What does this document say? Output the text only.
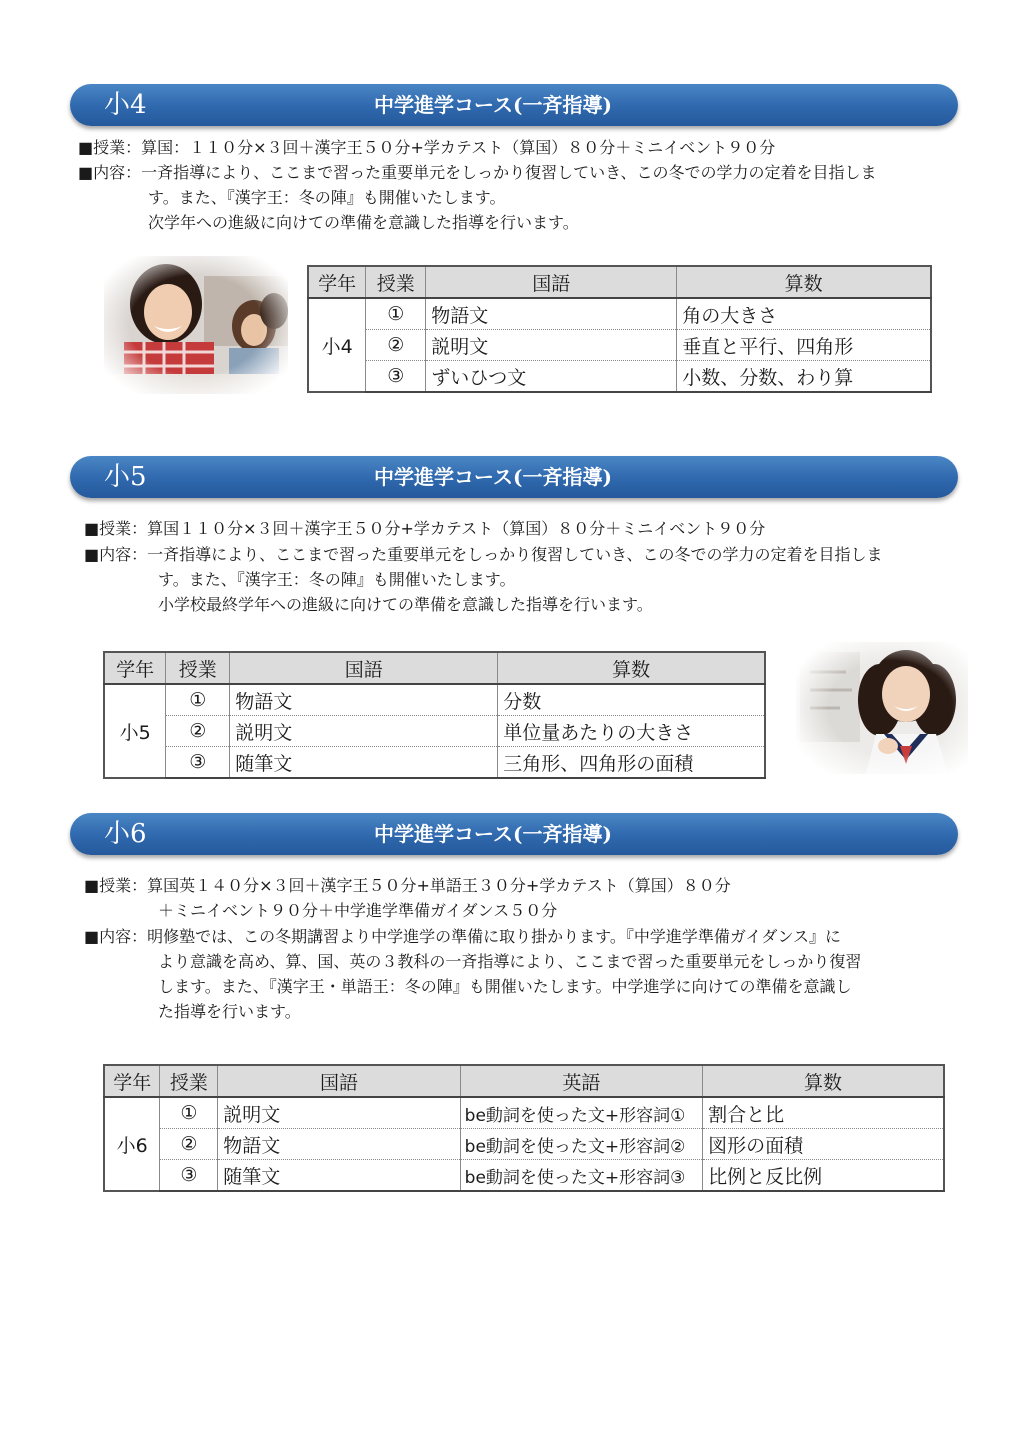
小4	中学進学コース(一斉指導)
■授業：算国：１１０分×３回＋漢字王５０分+学カテスト（算国）８０分＋ミニイベント９０分
■内容：一斉指導により、ここまで習った重要単元をしっかり復習していき、この冬での学力の定着を目指しま
す。また、『漢字王：冬の陣』も開催いたします。
次学年への進級に向けての準備を意識した指導を行います。
学年	授業	国語	算数
小4	①	物語文	角の大きさ
	②	説明文	垂直と平行、四角形
	③	ずいひつ文	小数、分数、わり算
小5	中学進学コース(一斉指導)
■授業：算国１１０分×３回＋漢字王５０分+学カテスト（算国）８０分＋ミニイベント９０分
■内容：一斉指導により、ここまで習った重要単元をしっかり復習していき、この冬での学力の定着を目指しま
す。また、『漢字王：冬の陣』も開催いたします。
小学校最終学年への進級に向けての準備を意識した指導を行います。
学年	授業	国語	算数
小5	①	物語文	分数
	②	説明文	単位量あたりの大きさ
	③	随筆文	三角形、四角形の面積
小6	中学進学コース(一斉指導)
■授業：算国英１４０分×３回＋漢字王５０分+単語王３０分+学カテスト（算国）８０分
＋ミニイベント９０分＋中学進学準備ガイダンス５０分
■内容：明修塾では、この冬期講習より中学進学の準備に取り掛かります。『中学進学準備ガイダンス』に
より意識を高め、算、国、英の３教科の一斉指導により、ここまで習った重要単元をしっかり復習
します。また、『漢字王・単語王：冬の陣』も開催いたします。中学進学に向けての準備を意識し
た指導を行います。
学年	授業	国語	英語	算数
小6	①	説明文	be動詞を使った文+形容詞①	割合と比
	②	物語文	be動詞を使った文+形容詞②	図形の面積
	③	随筆文	be動詞を使った文+形容詞③	比例と反比例
